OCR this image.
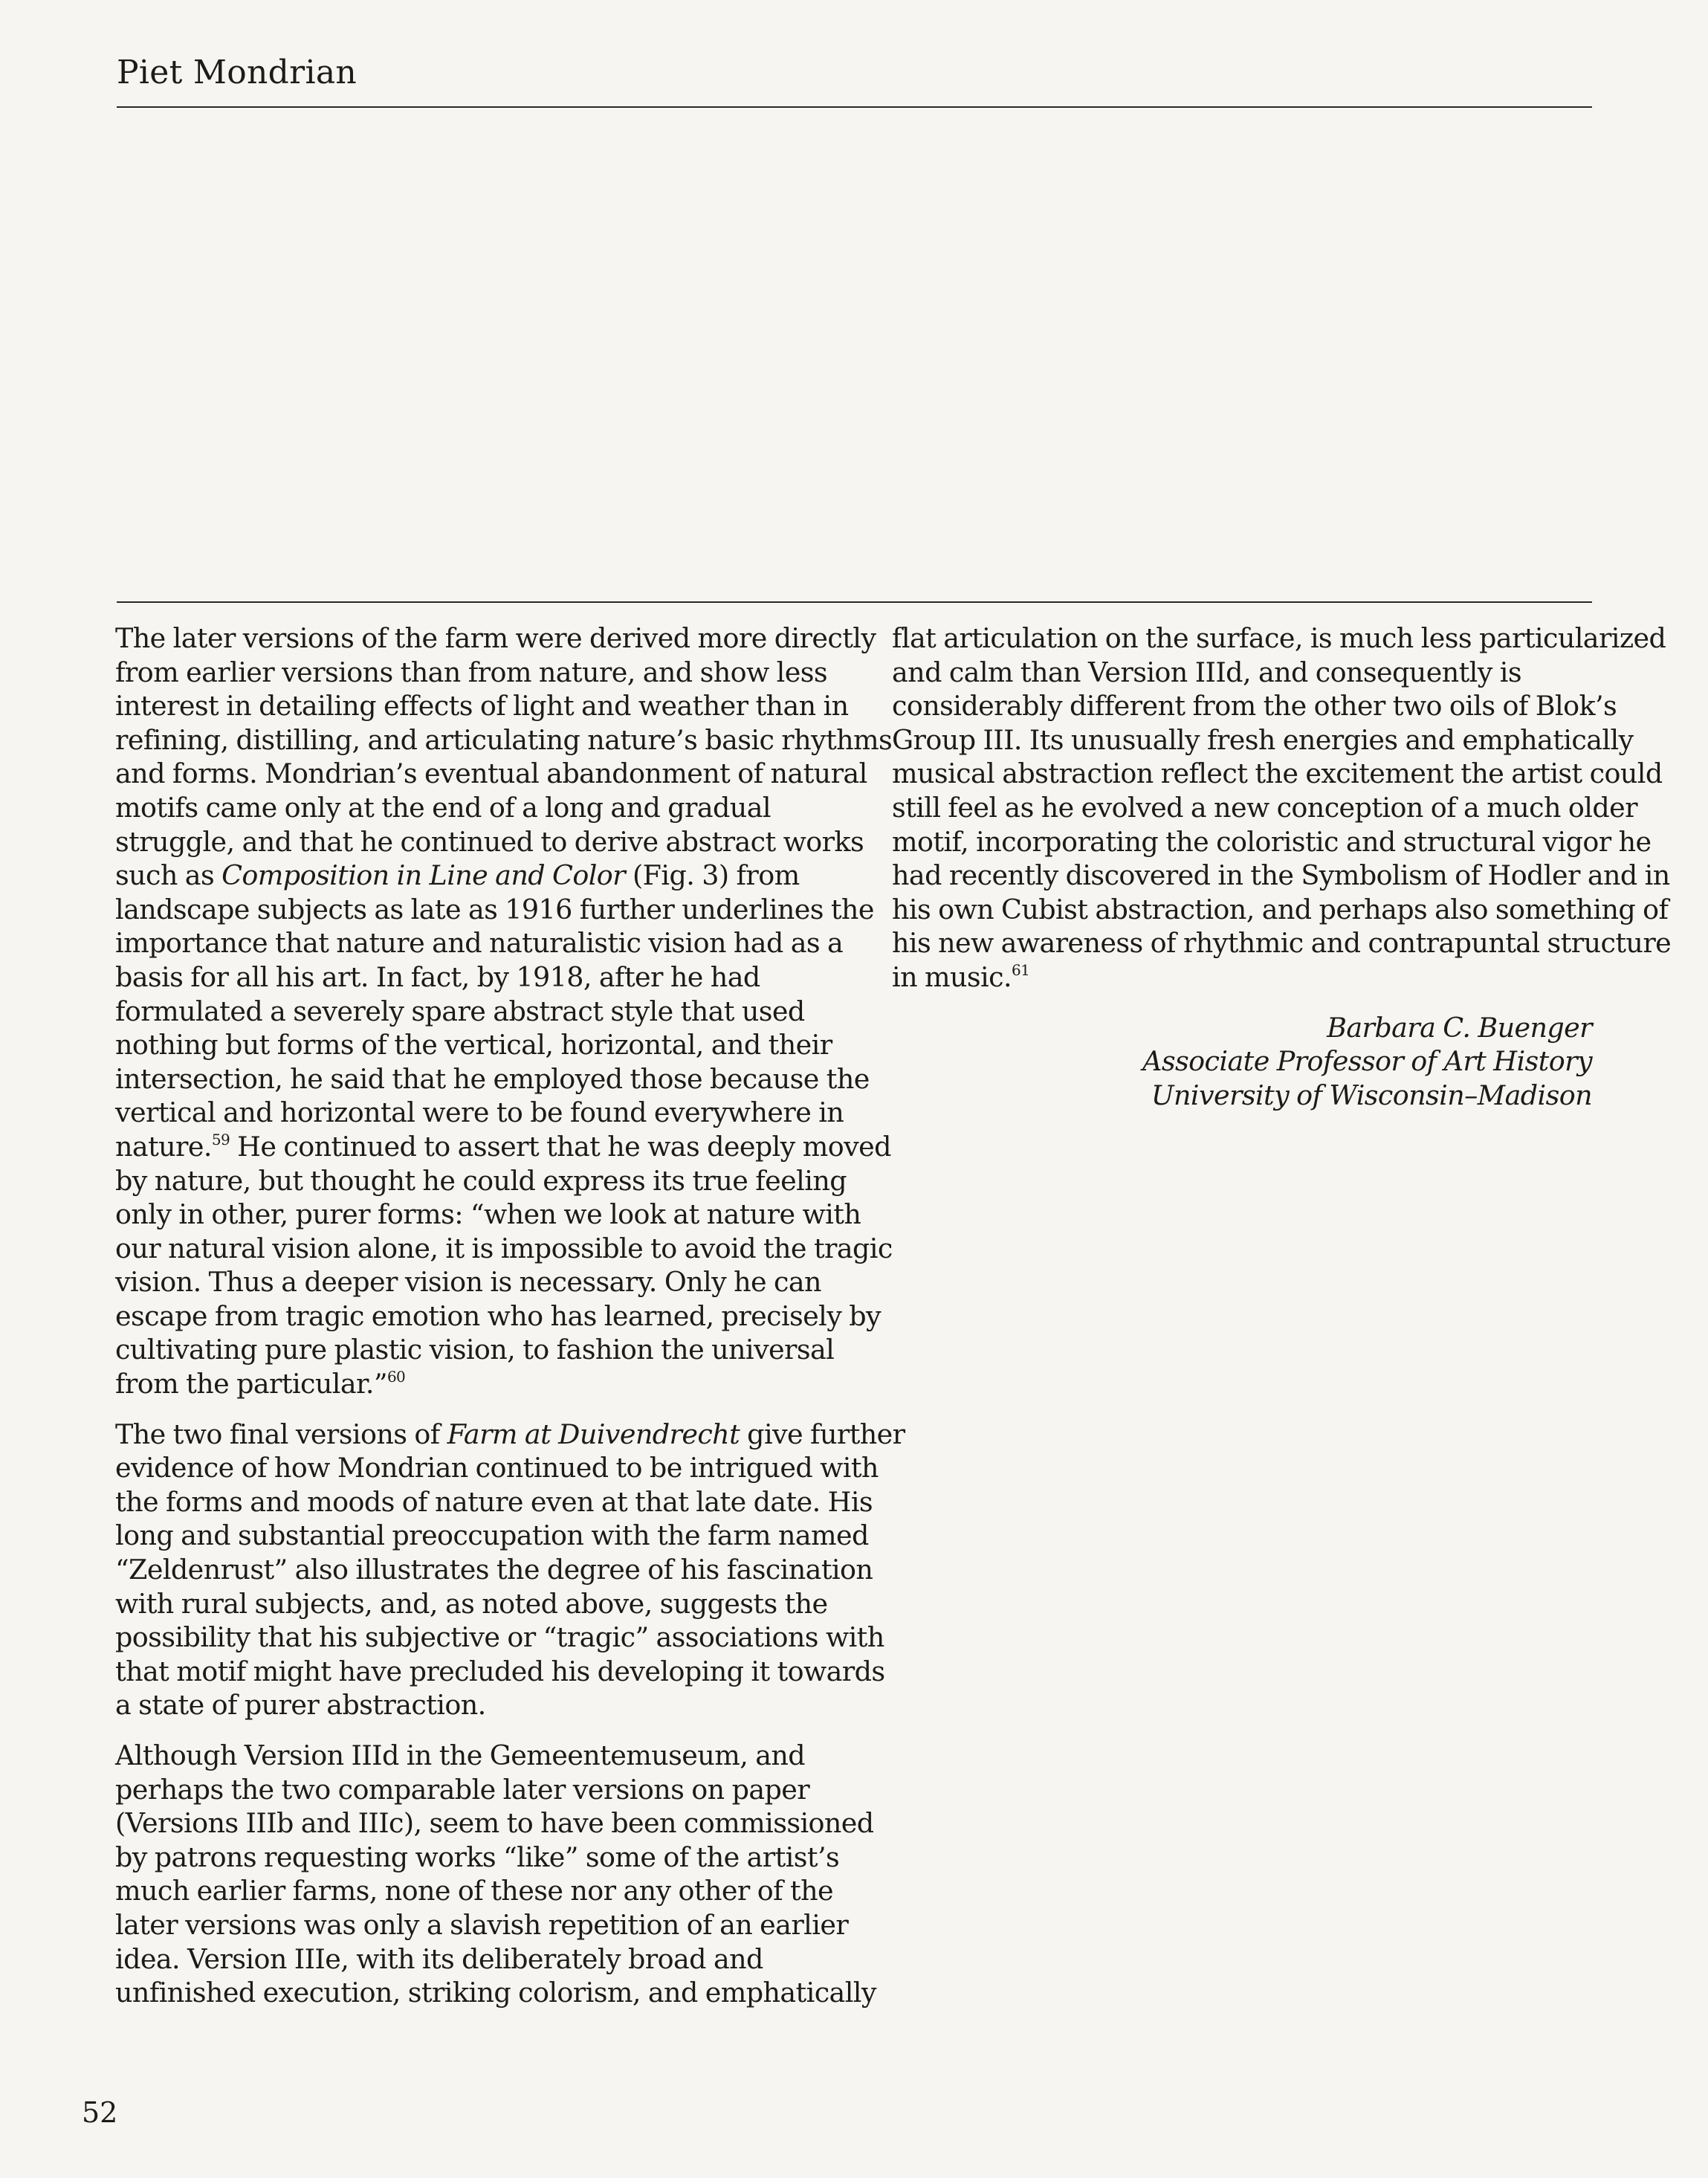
Piet Mondrian
The later versions of the farm were derived more directly
from earlier versions than from nature, and show less
interest in detailing effects of light and weather than in
refining, distilling, and articulating nature’s basic rhythms
and forms. Mondrian’s eventual abandonment of natural
motifs came only at the end of a long and gradual
struggle, and that he continued to derive abstract works
such as Composition in Line and Color (Fig. 3) from
landscape subjects as late as 1916 further underlines the
importance that nature and naturalistic vision had as a
basis for all his art. In fact, by 1918, after he had
formulated a severely spare abstract style that used
nothing but forms of the vertical, horizontal, and their
intersection, he said that he employed those because the
vertical and horizontal were to be found everywhere in
nature.$^{59}$ He continued to assert that he was deeply moved
by nature, but thought he could express its true feeling
only in other, purer forms: “when we look at nature with
our natural vision alone, it is impossible to avoid the tragic
vision. Thus a deeper vision is necessary. Only he can
escape from tragic emotion who has learned, precisely by
cultivating pure plastic vision, to fashion the universal
from the particular.”$^{60}$
The two final versions of Farm at Duivendrecht give further
evidence of how Mondrian continued to be intrigued with
the forms and moods of nature even at that late date. His
long and substantial preoccupation with the farm named
“Zeldenrust” also illustrates the degree of his fascination
with rural subjects, and, as noted above, suggests the
possibility that his subjective or “tragic” associations with
that motif might have precluded his developing it towards
a state of purer abstraction.
Although Version IIId in the Gemeentemuseum, and
perhaps the two comparable later versions on paper
(Versions IIIb and IIIc), seem to have been commissioned
by patrons requesting works “like” some of the artist’s
much earlier farms, none of these nor any other of the
later versions was only a slavish repetition of an earlier
idea. Version IIIe, with its deliberately broad and
unfinished execution, striking colorism, and emphatically
flat articulation on the surface, is much less particularized
and calm than Version IIId, and consequently is
considerably different from the other two oils of Blok’s
Group III. Its unusually fresh energies and emphatically
musical abstraction reflect the excitement the artist could
still feel as he evolved a new conception of a much older
motif, incorporating the coloristic and structural vigor he
had recently discovered in the Symbolism of Hodler and in
his own Cubist abstraction, and perhaps also something of
his new awareness of rhythmic and contrapuntal structure
in music.$^{61}$
Barbara C. Buenger
Associate Professor of Art History
University of Wisconsin–Madison
52
